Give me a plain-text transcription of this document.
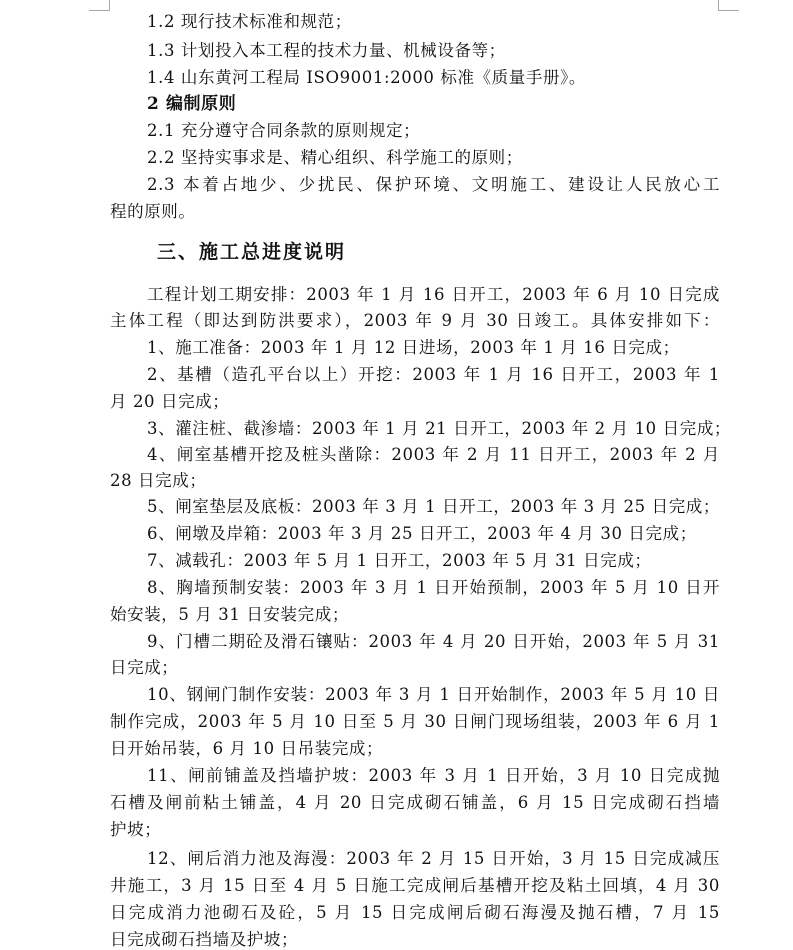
1.2 现行技术标准和规范；
1.3 计划投入本工程的技术力量、机械设备等；
1.4 山东黄河工程局 ISO9001:2000 标准《质量手册》。
2 编制原则
2.1 充分遵守合同条款的原则规定；
2.2 坚持实事求是、精心组织、科学施工的原则；
2.3 本着占地少、少扰民、保护环境、文明施工、建设让人民放心工
程的原则。
三、施工总进度说明
工程计划工期安排：2003 年 1 月 16 日开工，2003 年 6 月 10 日完成
主体工程（即达到防洪要求），2003 年 9 月 30 日竣工。具体安排如下：
1、施工准备：2003 年 1 月 12 日进场，2003 年 1 月 16 日完成；
2、基槽（造孔平台以上）开挖：2003 年 1 月 16 日开工，2003 年 1
月 20 日完成；
3、灌注桩、截渗墙：2003 年 1 月 21 日开工，2003 年 2 月 10 日完成；
4、闸室基槽开挖及桩头凿除：2003 年 2 月 11 日开工，2003 年 2 月
28 日完成；
5、闸室垫层及底板：2003 年 3 月 1 日开工，2003 年 3 月 25 日完成；
6、闸墩及岸箱：2003 年 3 月 25 日开工，2003 年 4 月 30 日完成；
7、减载孔：2003 年 5 月 1 日开工，2003 年 5 月 31 日完成；
8、胸墙预制安装：2003 年 3 月 1 日开始预制，2003 年 5 月 10 日开
始安装，5 月 31 日安装完成；
9、门槽二期砼及滑石镶贴：2003 年 4 月 20 日开始，2003 年 5 月 31
日完成；
10、钢闸门制作安装：2003 年 3 月 1 日开始制作，2003 年 5 月 10 日
制作完成，2003 年 5 月 10 日至 5 月 30 日闸门现场组装，2003 年 6 月 1
日开始吊装，6 月 10 日吊装完成；
11、闸前铺盖及挡墙护坡：2003 年 3 月 1 日开始，3 月 10 日完成抛
石槽及闸前粘土铺盖，4 月 20 日完成砌石铺盖，6 月 15 日完成砌石挡墙
护坡；
12、闸后消力池及海漫：2003 年 2 月 15 日开始，3 月 15 日完成减压
井施工，3 月 15 日至 4 月 5 日施工完成闸后基槽开挖及粘土回填，4 月 30
日完成消力池砌石及砼，5 月 15 日完成闸后砌石海漫及抛石槽，7 月 15
日完成砌石挡墙及护坡；
